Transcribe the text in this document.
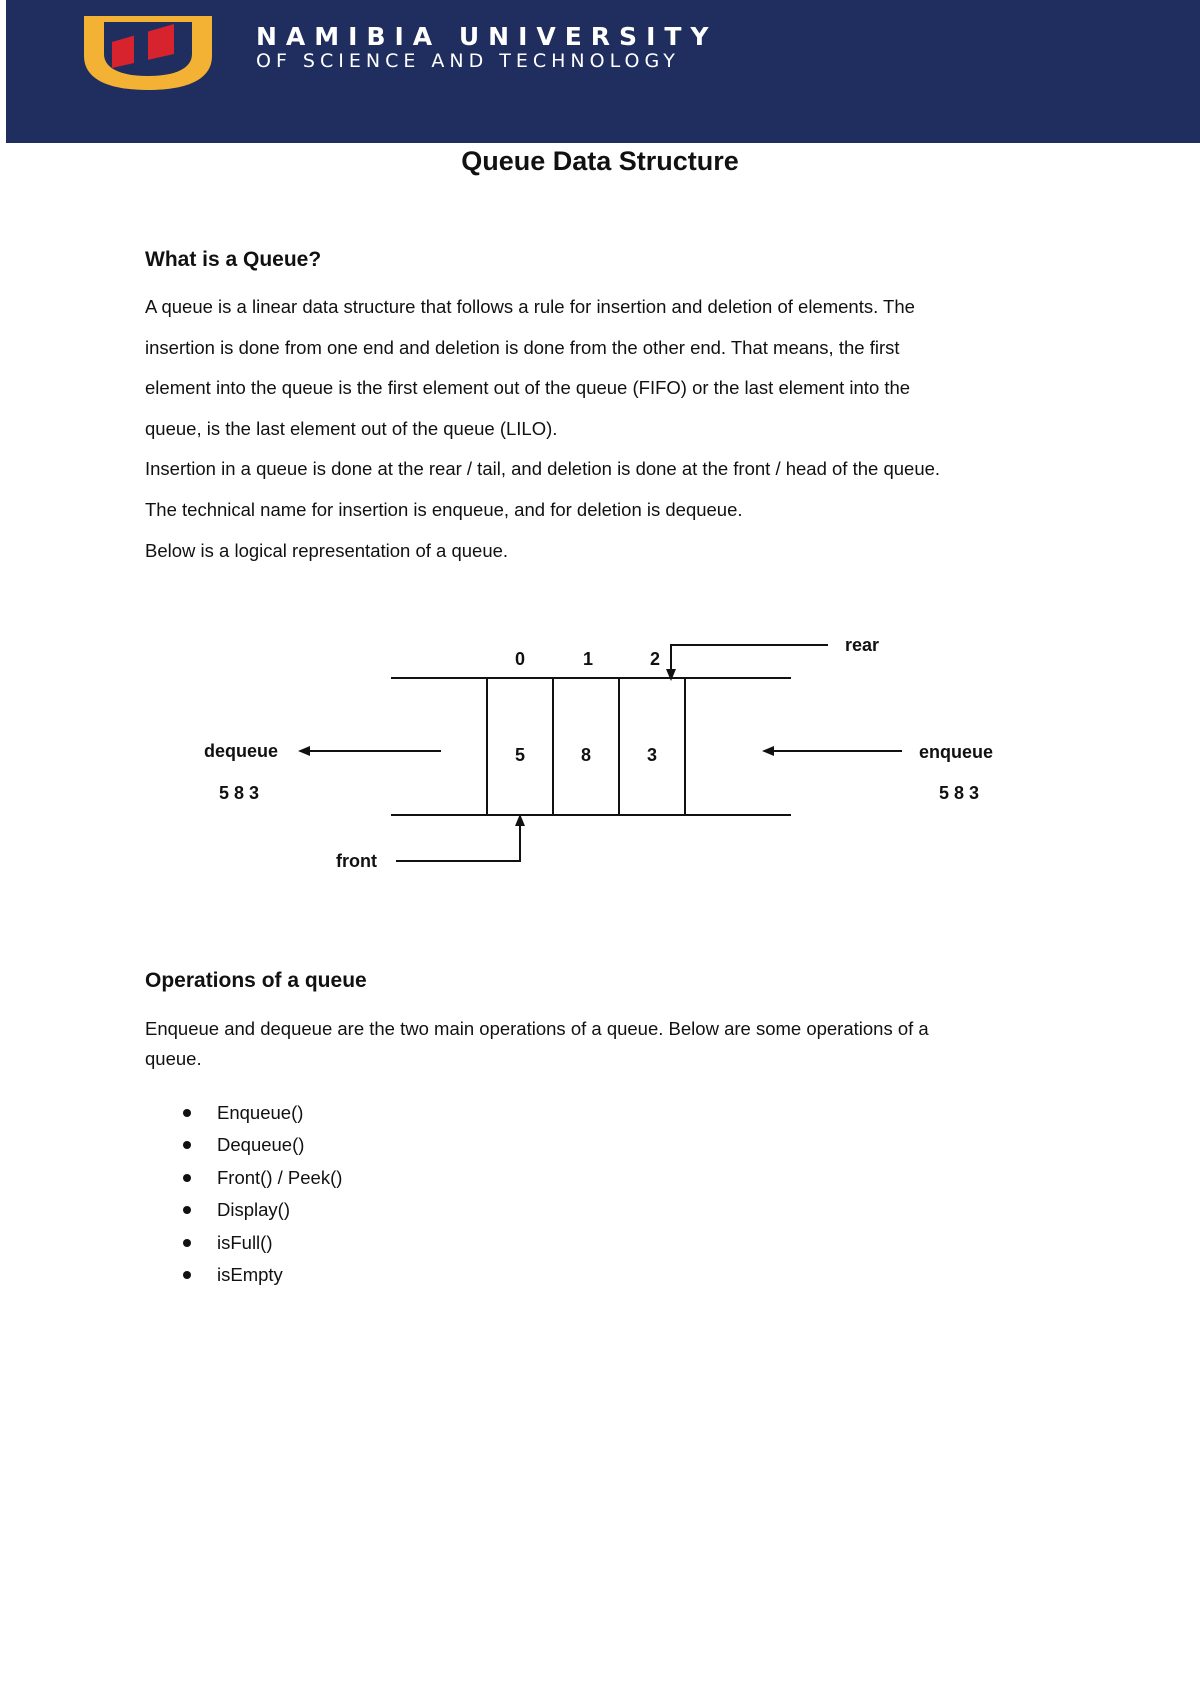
NAMIBIA UNIVERSITY
OF SCIENCE AND TECHNOLOGY
Queue Data Structure
What is a Queue?

A queue is a linear data structure that follows a rule for insertion and deletion of elements. The

insertion is done from one end and deletion is done from the other end. That means, the first

element into the queue is the first element out of the queue (FIFO) or the last element into the

queue, is the last element out of the queue (LILO).

Insertion in a queue is done at the rear / tail, and deletion is done at the front / head of the queue.

The technical name for insertion is enqueue, and for deletion is dequeue.

Below is a logical representation of a queue.

0	1	2
5	8	3
rear
front
dequeue
5 8 3
enqueue
5 8 3
Operations of a queue
Enqueue and dequeue are the two main operations of a queue. Below are some operations of a
queue.
Enqueue()
Dequeue()
Front() / Peek()
Display()
isFull()
isEmpty
